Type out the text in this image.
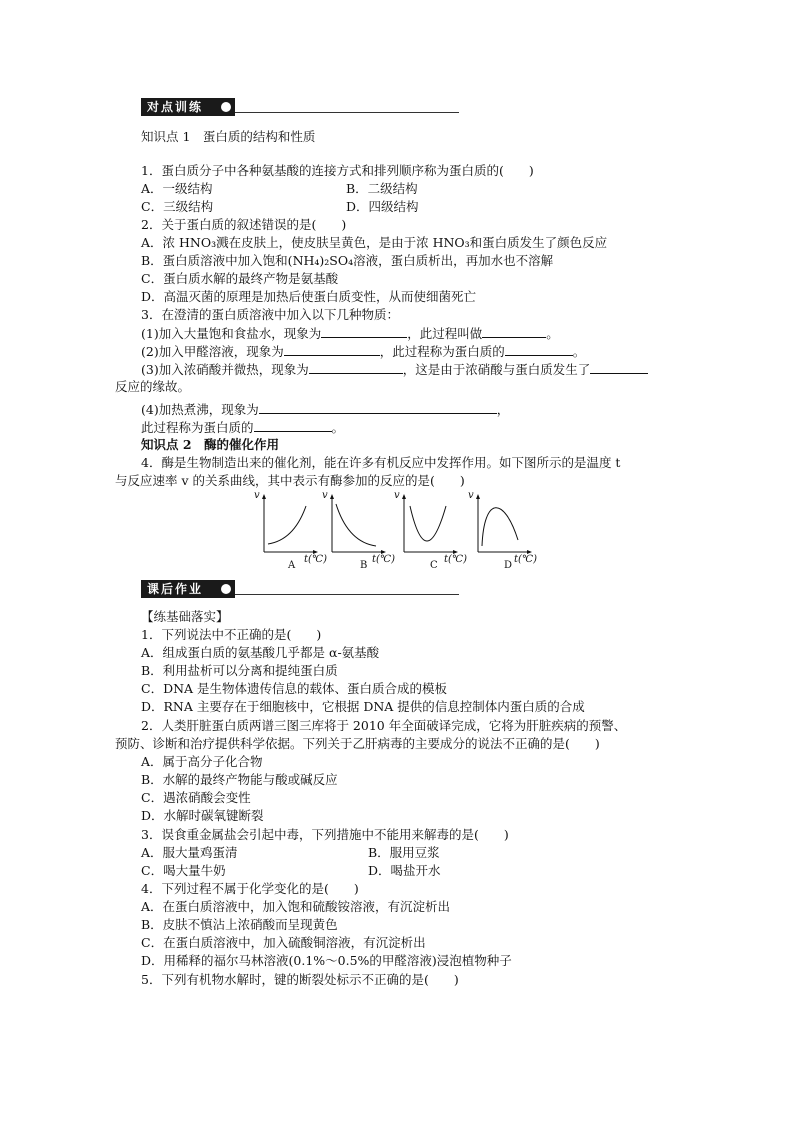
对点训练
知识点 1　蛋白质的结构和性质
1．蛋白质分子中各种氨基酸的连接方式和排列顺序称为蛋白质的(　　)
A．一级结构	B．二级结构
C．三级结构	D．四级结构
2．关于蛋白质的叙述错误的是(　　)
A．浓 HNO₃溅在皮肤上，使皮肤呈黄色，是由于浓 HNO₃和蛋白质发生了颜色反应
B．蛋白质溶液中加入饱和(NH₄)₂SO₄溶液，蛋白质析出，再加水也不溶解
C．蛋白质水解的最终产物是氨基酸
D．高温灭菌的原理是加热后使蛋白质变性，从而使细菌死亡
3．在澄清的蛋白质溶液中加入以下几种物质：
(1)加入大量饱和食盐水，现象为	，此过程叫做	。
(2)加入甲醛溶液，现象为	，此过程称为蛋白质的	。
(3)加入浓硝酸并微热，现象为	，这是由于浓硝酸与蛋白质发生了
反应的缘故。
(4)加热煮沸，现象为	，
此过程称为蛋白质的	。
知识点 2　酶的催化作用
4．酶是生物制造出来的催化剂，能在许多有机反应中发挥作用。如下图所示的是温度 t
与反应速率 v 的关系曲线，其中表示有酶参加的反应的是(　　)
v
t(℃)
A
v
t(℃)
B
v
t(℃)
C
v
t(℃)
D
课后作业
【练基础落实】
1．下列说法中不正确的是(　　)
A．组成蛋白质的氨基酸几乎都是 α-氨基酸
B．利用盐析可以分离和提纯蛋白质
C．DNA 是生物体遗传信息的载体、蛋白质合成的模板
D．RNA 主要存在于细胞核中，它根据 DNA 提供的信息控制体内蛋白质的合成
2．人类肝脏蛋白质两谱三图三库将于 2010 年全面破译完成，它将为肝脏疾病的预警、
预防、诊断和治疗提供科学依据。下列关于乙肝病毒的主要成分的说法不正确的是(　　)
A．属于高分子化合物
B．水解的最终产物能与酸或碱反应
C．遇浓硝酸会变性
D．水解时碳氧键断裂
3．误食重金属盐会引起中毒，下列措施中不能用来解毒的是(　　)
A．服大量鸡蛋清	B．服用豆浆
C．喝大量牛奶	D．喝盐开水
4．下列过程不属于化学变化的是(　　)
A．在蛋白质溶液中，加入饱和硫酸铵溶液，有沉淀析出
B．皮肤不慎沾上浓硝酸而呈现黄色
C．在蛋白质溶液中，加入硫酸铜溶液，有沉淀析出
D．用稀释的福尔马林溶液(0.1%～0.5%的甲醛溶液)浸泡植物种子
5．下列有机物水解时，键的断裂处标示不正确的是(　　)
